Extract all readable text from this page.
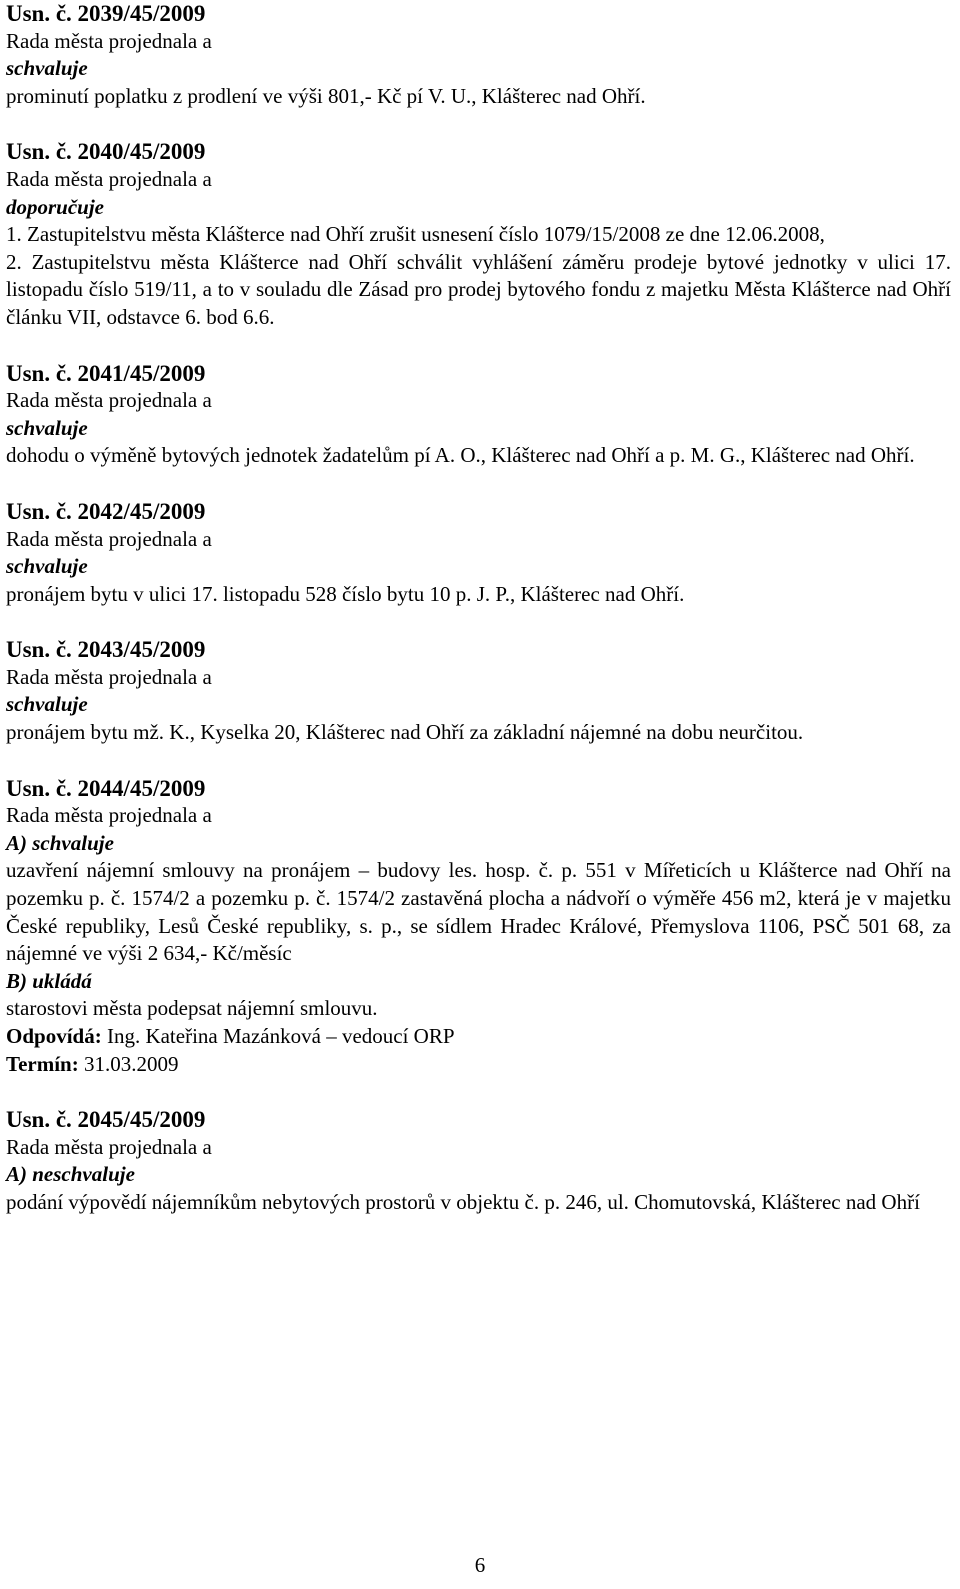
Usn. č. 2039/45/2009
Rada města projednala a
schvaluje
prominutí poplatku z prodlení ve výši 801,- Kč pí V. U., Klášterec nad Ohří.
Usn. č. 2040/45/2009
Rada města projednala a
doporučuje
1. Zastupitelstvu města Klášterce nad Ohří zrušit usnesení číslo 1079/15/2008 ze dne 12.06.2008,
2. Zastupitelstvu města Klášterce nad Ohří schválit vyhlášení záměru prodeje bytové jednotky v ulici 17. listopadu číslo 519/11, a to v souladu dle Zásad pro prodej bytového fondu z majetku Města Klášterce nad Ohří článku VII, odstavce 6. bod 6.6.
Usn. č. 2041/45/2009
Rada města projednala a
schvaluje
dohodu o výměně bytových jednotek žadatelům pí A. O., Klášterec nad Ohří a p. M. G., Klášterec nad Ohří.
Usn. č. 2042/45/2009
Rada města projednala a
schvaluje
pronájem bytu v ulici 17. listopadu 528 číslo bytu 10 p. J. P., Klášterec nad Ohří.
Usn. č. 2043/45/2009
Rada města projednala a
schvaluje
pronájem bytu mž. K., Kyselka 20, Klášterec nad Ohří za základní nájemné na dobu neurčitou.
Usn. č. 2044/45/2009
Rada města projednala a
A) schvaluje
uzavření nájemní smlouvy na pronájem – budovy les. hosp. č. p. 551 v Mířeticích u Klášterce nad Ohří na pozemku p. č. 1574/2 a pozemku p. č. 1574/2 zastavěná plocha a nádvoří o výměře 456 m2, která je v majetku České republiky, Lesů České republiky, s. p., se sídlem Hradec Králové, Přemyslova 1106, PSČ 501 68, za nájemné ve výši 2 634,- Kč/měsíc
B) ukládá
starostovi města podepsat nájemní smlouvu.
Odpovídá: Ing. Kateřina Mazánková – vedoucí ORP
Termín: 31.03.2009
Usn. č. 2045/45/2009
Rada města projednala a
A) neschvaluje
podání výpovědí nájemníkům nebytových prostorů v objektu č. p. 246, ul. Chomutovská, Klášterec nad Ohří
6
